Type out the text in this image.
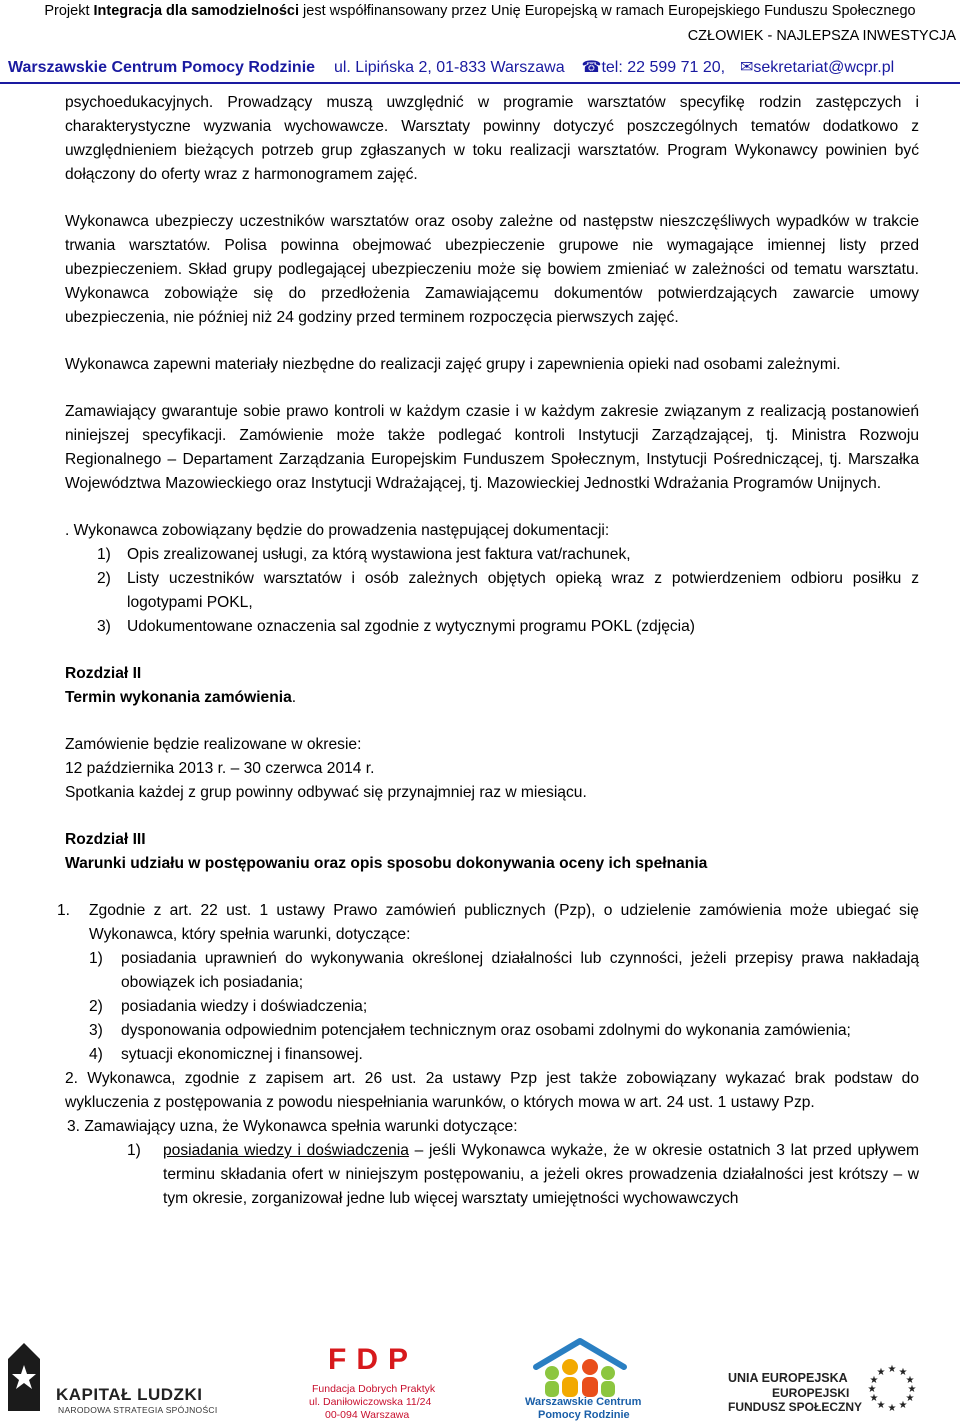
Projekt Integracja dla samodzielności jest współfinansowany przez Unię Europejską w ramach Europejskiego Funduszu Społecznego
CZŁOWIEK - NAJLEPSZA INWESTYCJA
Warszawskie Centrum Pomocy Rodzinie ul. Lipińska 2, 01-833 Warszawa ☎tel: 22 599 71 20, ✉sekretariat@wcpr.pl

psychoedukacyjnych. Prowadzący muszą uwzględnić w programie warsztatów specyfikę rodzin zastępczych i charakterystyczne wyzwania wychowawcze. Warsztaty powinny dotyczyć poszczególnych tematów dodatkowo z uwzględnieniem bieżących potrzeb grup zgłaszanych w toku realizacji warsztatów. Program Wykonawcy powinien być dołączony do oferty wraz z harmonogramem zajęć.

Wykonawca ubezpieczy uczestników warsztatów oraz osoby zależne od następstw nieszczęśliwych wypadków w trakcie trwania warsztatów. Polisa powinna obejmować ubezpieczenie grupowe nie wymagające imiennej listy przed ubezpieczeniem. Skład grupy podlegającej ubezpieczeniu może się bowiem zmieniać w zależności od tematu warsztatu. Wykonawca zobowiąże się do przedłożenia Zamawiającemu dokumentów potwierdzających zawarcie umowy ubezpieczenia, nie później niż 24 godziny przed terminem rozpoczęcia pierwszych zajęć.

Wykonawca zapewni materiały niezbędne do realizacji zajęć grupy i zapewnienia opieki nad osobami zależnymi.

Zamawiający gwarantuje sobie prawo kontroli w każdym czasie i w każdym zakresie związanym z realizacją postanowień niniejszej specyfikacji. Zamówienie może także podlegać kontroli Instytucji Zarządzającej, tj. Ministra Rozwoju Regionalnego – Departament Zarządzania Europejskim Funduszem Społecznym, Instytucji Pośredniczącej, tj. Marszałka Województwa Mazowieckiego oraz Instytucji Wdrażającej, tj. Mazowieckiej Jednostki Wdrażania Programów Unijnych.

. Wykonawca zobowiązany będzie do prowadzenia następującej dokumentacji:

1)	Opis zrealizowanej usługi, za którą wystawiona jest faktura vat/rachunek,
2)	Listy uczestników warsztatów i osób zależnych objętych opieką wraz z potwierdzeniem odbioru posiłku z logotypami POKL,
3)	Udokumentowane oznaczenia sal zgodnie z wytycznymi programu POKL (zdjęcia)
Rozdział II
Termin wykonania zamówienia.
Zamówienie będzie realizowane w okresie:
12 października 2013 r. – 30 czerwca 2014 r.
Spotkania każdej z grup powinny odbywać się przynajmniej raz w miesiącu.
Rozdział III
Warunki udziału w postępowaniu oraz opis sposobu dokonywania oceny ich spełnania
1.	Zgodnie z art. 22 ust. 1 ustawy Prawo zamówień publicznych (Pzp), o udzielenie zamówienia może ubiegać się Wykonawca, który spełnia warunki, dotyczące:
1)	posiadania uprawnień do wykonywania określonej działalności lub czynności, jeżeli przepisy prawa nakładają obowiązek ich posiadania;
2)	posiadania wiedzy i doświadczenia;
3)	dysponowania odpowiednim potencjałem technicznym oraz osobami zdolnymi do wykonania zamówienia;
4)	sytuacji ekonomicznej i finansowej.

2. Wykonawca, zgodnie z zapisem art. 26 ust. 2a ustawy Pzp jest także zobowiązany wykazać brak podstaw do wykluczenia z postępowania z powodu niespełniania warunków, o których mowa w art. 24 ust. 1 ustawy Pzp.

3. Zamawiający uzna, że Wykonawca spełnia warunki dotyczące:
1)	posiadania wiedzy i doświadczenia – jeśli Wykonawca wykaże, że w okresie ostatnich 3 lat przed upływem terminu składania ofert w niniejszym postępowaniu, a jeżeli okres prowadzenia działalności jest krótszy – w tym okresie, zorganizował jedne lub więcej warsztaty umiejętności wychowawczych
KAPITAŁ LUDZKI
NARODOWA STRATEGIA SPÓJNOŚCI
FDP
Fundacja Dobrych Praktyk
ul. Daniłowiczowska 11/24
00-094 Warszawa
Warszawskie Centrum
Pomocy Rodzinie
UNIA EUROPEJSKA
EUROPEJSKI
FUNDUSZ SPOŁECZNY
★ ★
★
★
★
★
★
★
★
★
★
★
